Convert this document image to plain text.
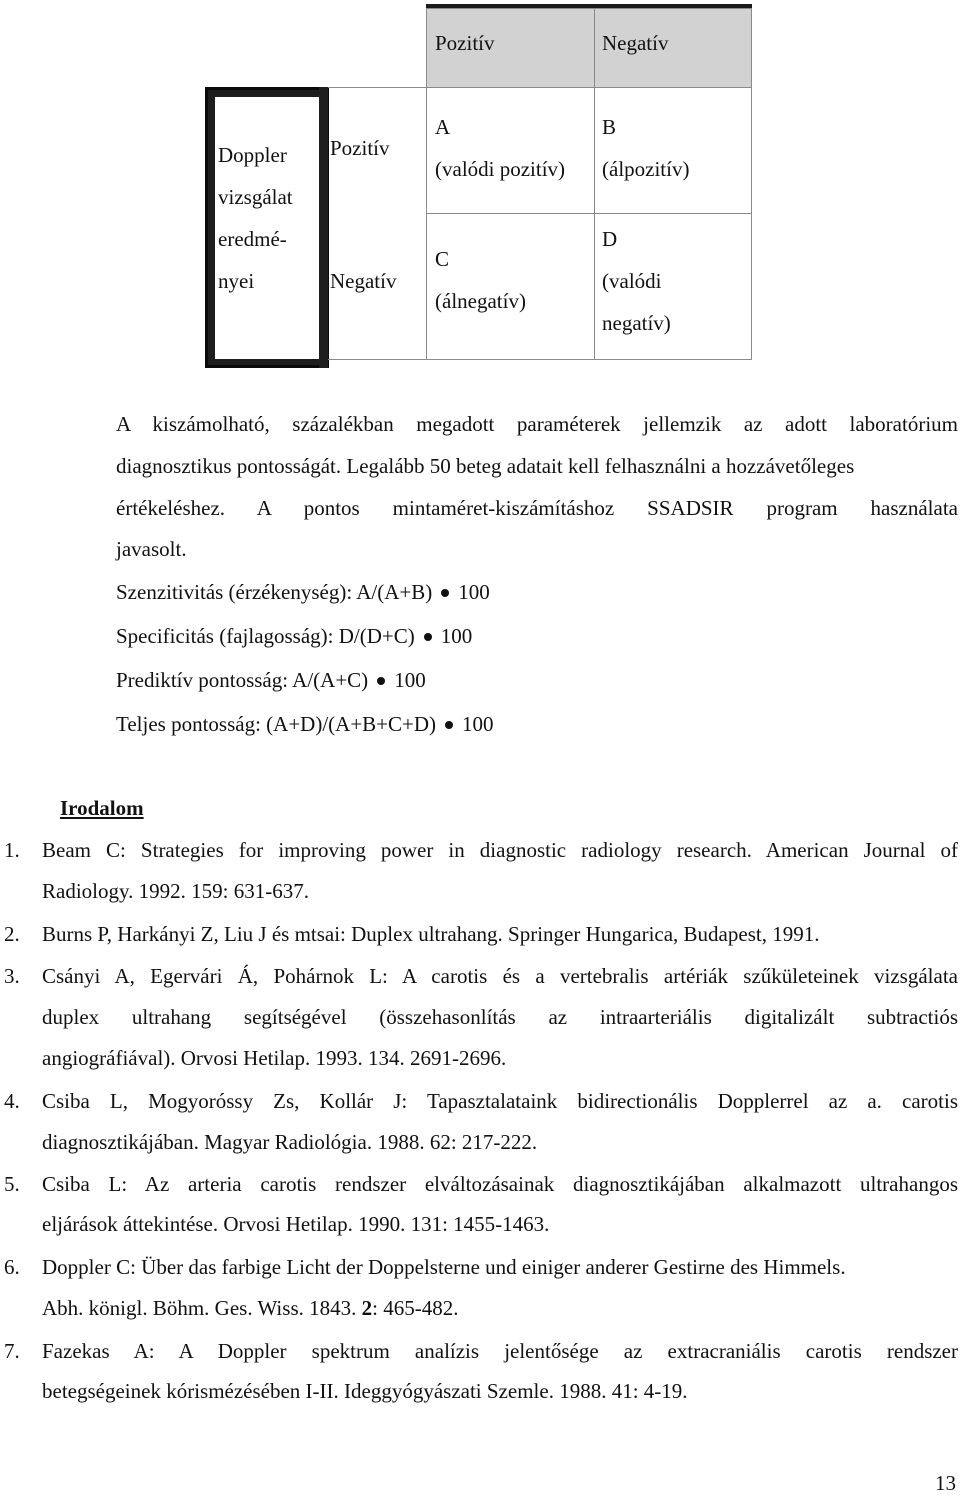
Pozitív	Negatív
Doppler
vizsgálat
eredmé-
nyei
Pozitív
Negatív
A
(valódi pozitív)
B
(álpozitív)
C
(álnegatív)
D
(valódi
negatív)
A kiszámolható, százalékban megadott paraméterek jellemzik az adott laboratórium
diagnosztikus pontosságát. Legalább 50 beteg adatait kell felhasználni a hozzávetőleges
értékeléshez. A pontos mintaméret-kiszámításhoz SSADSIR program használata
javasolt.
Szenzitivitás (érzékenység): A/(A+B) 100
Specificitás (fajlagosság): D/(D+C) 100
Prediktív pontosság: A/(A+C) 100
Teljes pontosság: (A+D)/(A+B+C+D) 100
Irodalom
1. Beam C: Strategies for improving power in diagnostic radiology research. American Journal of
Radiology. 1992. 159: 631-637.
2. Burns P, Harkányi Z, Liu J és mtsai: Duplex ultrahang. Springer Hungarica, Budapest, 1991.
3. Csányi A, Egervári Á, Pohárnok L: A carotis és a vertebralis artériák szűkületeinek vizsgálata
duplex ultrahang segítségével (összehasonlítás az intraarteriális digitalizált subtractiós
angiográfiával). Orvosi Hetilap. 1993. 134. 2691-2696.
4. Csiba L, Mogyoróssy Zs, Kollár J: Tapasztalataink bidirectionális Dopplerrel az a. carotis
diagnosztikájában. Magyar Radiológia. 1988. 62: 217-222.
5. Csiba L: Az arteria carotis rendszer elváltozásainak diagnosztikájában alkalmazott ultrahangos
eljárások áttekintése. Orvosi Hetilap. 1990. 131: 1455-1463.
6. Doppler C: Über das farbige Licht der Doppelsterne und einiger anderer Gestirne des Himmels.
Abh. königl. Böhm. Ges. Wiss. 1843. 2: 465-482.
7. Fazekas A: A Doppler spektrum analízis jelentősége az extracraniális carotis rendszer
betegségeinek kórismézésében I-II. Ideggyógyászati Szemle. 1988. 41: 4-19.
13
